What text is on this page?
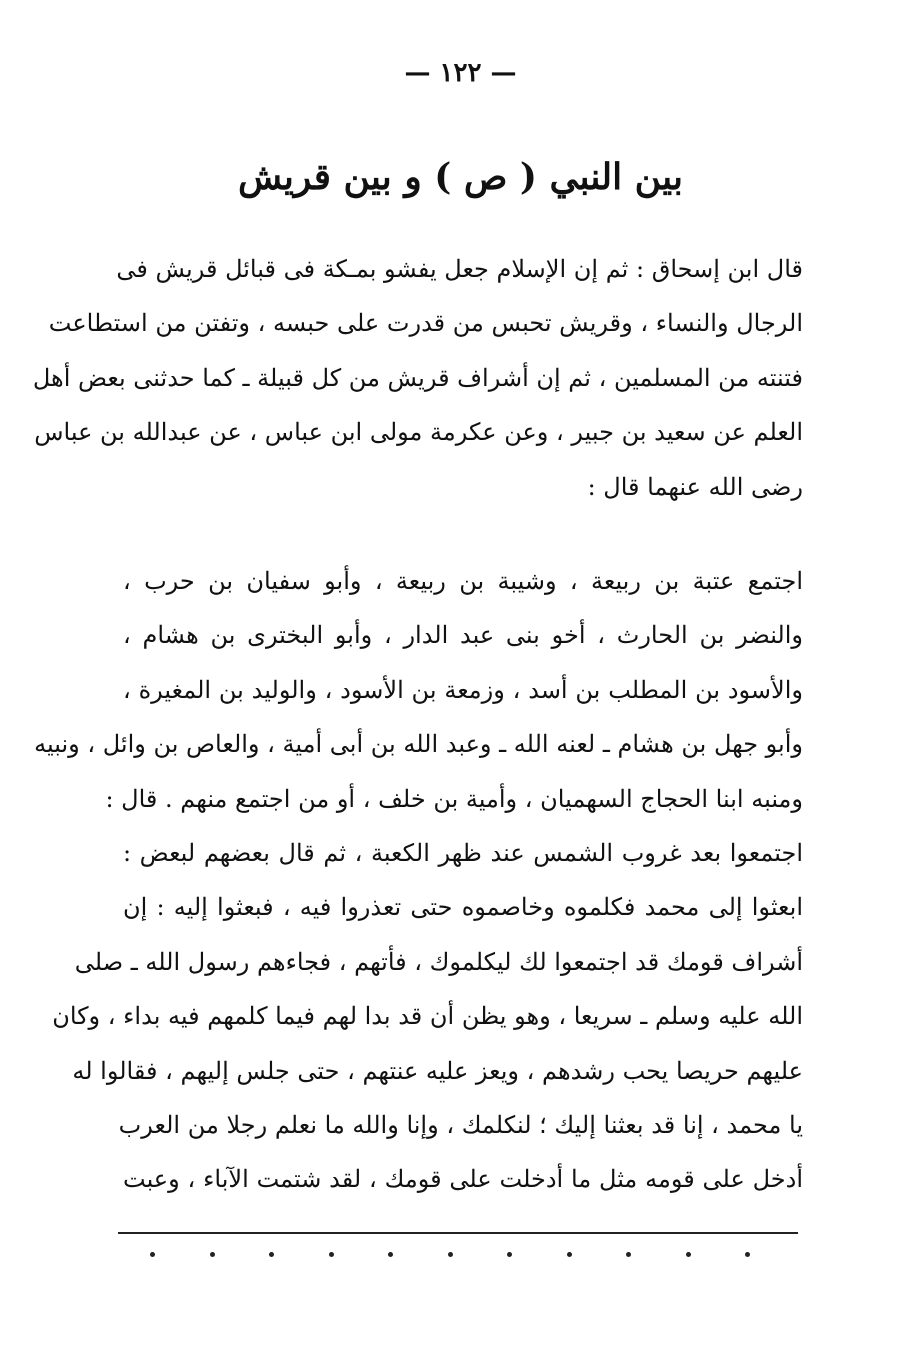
— ١٢٢ —
بين النبي ( ص ) و بين قريش

قال ابن إسحاق : ثم إن الإسلام جعل يفشو بمـكة فى قبائل قريش فى
الرجال والنساء ، وقريش تحبس من قدرت على حبسه ، وتفتن من استطاعت
فتنته من المسلمين ، ثم إن أشراف قريش من كل قبيلة ـ كما حدثنى بعض أهل
العلم عن سعيد بن جبير ، وعن عكرمة مولى ابن عباس ، عن عبدالله بن عباس
رضى الله عنهما قال :

اجتمع عتبة بن ربيعة ، وشيبة بن ربيعة ، وأبو سفيان بن حرب ،
والنضر بن الحارث ، أخو بنى عبد الدار ، وأبو البخترى بن هشام ،
والأسود بن المطلب بن أسد ، وزمعة بن الأسود ، والوليد بن المغيرة ،
وأبو جهل بن هشام ـ لعنه الله ـ وعبد الله بن أبى أمية ، والعاص بن وائل ، ونبيه
ومنبه ابنا الحجاج السهميان ، وأمية بن خلف ، أو من اجتمع منهم . قال :
اجتمعوا بعد غروب الشمس عند ظهر الكعبة ، ثم قال بعضهم لبعض :
ابعثوا إلى محمد فكلموه وخاصموه حتى تعذروا فيه ، فبعثوا إليه : إن
أشراف قومك قد اجتمعوا لك ليكلموك ، فأتهم ، فجاءهم رسول الله ـ صلى
الله عليه وسلم ـ سريعا ، وهو يظن أن قد بدا لهم فيما كلمهم فيه بداء ، وكان
عليهم حريصا يحب رشدهم ، ويعز عليه عنتهم ، حتى جلس إليهم ، فقالوا له
يا محمد ، إنا قد بعثنا إليك ؛ لنكلمك ، وإنا والله ما نعلم رجلا من العرب
أدخل على قومه مثل ما أدخلت على قومك ، لقد شتمت الآباء ، وعبت
